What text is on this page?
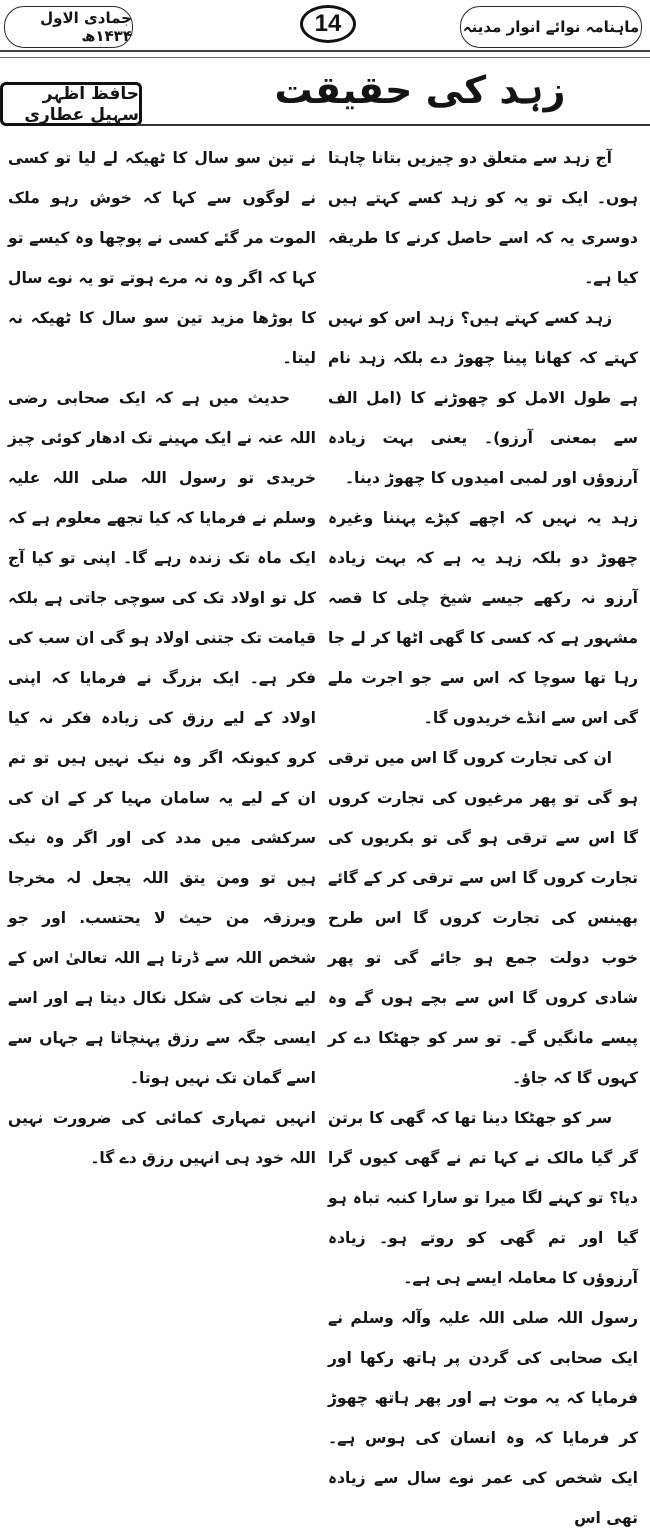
ماہنامہ نوائے انوار مدینہ
14
جمادی الاول ۱۴۳۴ھ
زہد کی حقیقت
حافظ اظہر سہیل عطاری

آج زہد سے متعلق دو چیزیں بتانا چاہتا ہوں۔ ایک تو یہ کو زہد کسے کہتے ہیں دوسری یہ کہ اسے حاصل کرنے کا طریقہ کیا ہے۔

زہد کسے کہتے ہیں؟ زہد اس کو نہیں کہتے کہ کھانا پینا چھوڑ دے بلکہ زہد نام ہے طول الامل کو چھوڑنے کا (امل الف سے بمعنی آرزو)۔ یعنی بہت زیادہ آرزوؤں اور لمبی امیدوں کا چھوڑ دینا۔

زہد یہ نہیں کہ اچھے کپڑے پہننا وغیرہ چھوڑ دو بلکہ زہد یہ ہے کہ بہت زیادہ آرزو نہ رکھے جیسے شیخ چلی کا قصہ مشہور ہے کہ کسی کا گھی اٹھا کر لے جا رہا تھا سوچا کہ اس سے جو اجرت ملے گی اس سے انڈے خریدوں گا۔

ان کی تجارت کروں گا اس میں ترقی ہو گی تو پھر مرغیوں کی تجارت کروں گا اس سے ترقی ہو گی تو بکریوں کی تجارت کروں گا اس سے ترقی کر کے گائے بھینس کی تجارت کروں گا اس طرح خوب دولت جمع ہو جائے گی تو پھر شادی کروں گا اس سے بچے ہوں گے وہ پیسے مانگیں گے۔ تو سر کو جھٹکا دے کر کہوں گا کہ جاؤ۔

سر کو جھٹکا دینا تھا کہ گھی کا برتن گر گیا مالک نے کہا تم نے گھی کیوں گرا دیا؟ تو کہنے لگا میرا تو سارا کنبہ تباہ ہو گیا اور تم گھی کو روتے ہو۔ زیادہ آرزوؤں کا معاملہ ایسے ہی ہے۔

رسول اللہ صلی اللہ علیہ وآلہ وسلم نے ایک صحابی کی گردن پر ہاتھ رکھا اور فرمایا کہ یہ موت ہے اور پھر ہاتھ چھوڑ کر فرمایا کہ وہ انسان کی ہوس ہے۔ ایک شخص کی عمر نوے سال سے زیادہ تھی اس

نے تین سو سال کا ٹھیکہ لے لیا تو کسی نے لوگوں سے کہا کہ خوش رہو ملک الموت مر گئے کسی نے پوچھا وہ کیسے تو کہا کہ اگر وہ نہ مرے ہوتے تو یہ نوے سال کا بوڑھا مزید تین سو سال کا ٹھیکہ نہ لیتا۔

حدیث میں ہے کہ ایک صحابی رضی اللہ عنہ نے ایک مہینے تک ادھار کوئی چیز خریدی تو رسول اللہ صلی اللہ علیہ وسلم نے فرمایا کہ کیا تجھے معلوم ہے کہ ایک ماہ تک زندہ رہے گا۔ اپنی تو کیا آج کل تو اولاد تک کی سوچی جاتی ہے بلکہ قیامت تک جتنی اولاد ہو گی ان سب کی فکر ہے۔ ایک بزرگ نے فرمایا کہ اپنی اولاد کے لیے رزق کی زیادہ فکر نہ کیا کرو کیونکہ اگر وہ نیک نہیں ہیں تو تم ان کے لیے یہ سامان مہیا کر کے ان کی سرکشی میں مدد کی اور اگر وہ نیک ہیں تو ومن یتق اللہ یجعل لہ مخرجا ویرزقہ من حیث لا یحتسب. اور جو شخص اللہ سے ڈرتا ہے اللہ تعالیٰ اس کے لیے نجات کی شکل نکال دیتا ہے اور اسے ایسی جگہ سے رزق پہنچاتا ہے جہاں سے اسے گمان تک نہیں ہوتا۔

انہیں تمہاری کمائی کی ضرورت نہیں اللہ خود ہی انہیں رزق دے گا۔
